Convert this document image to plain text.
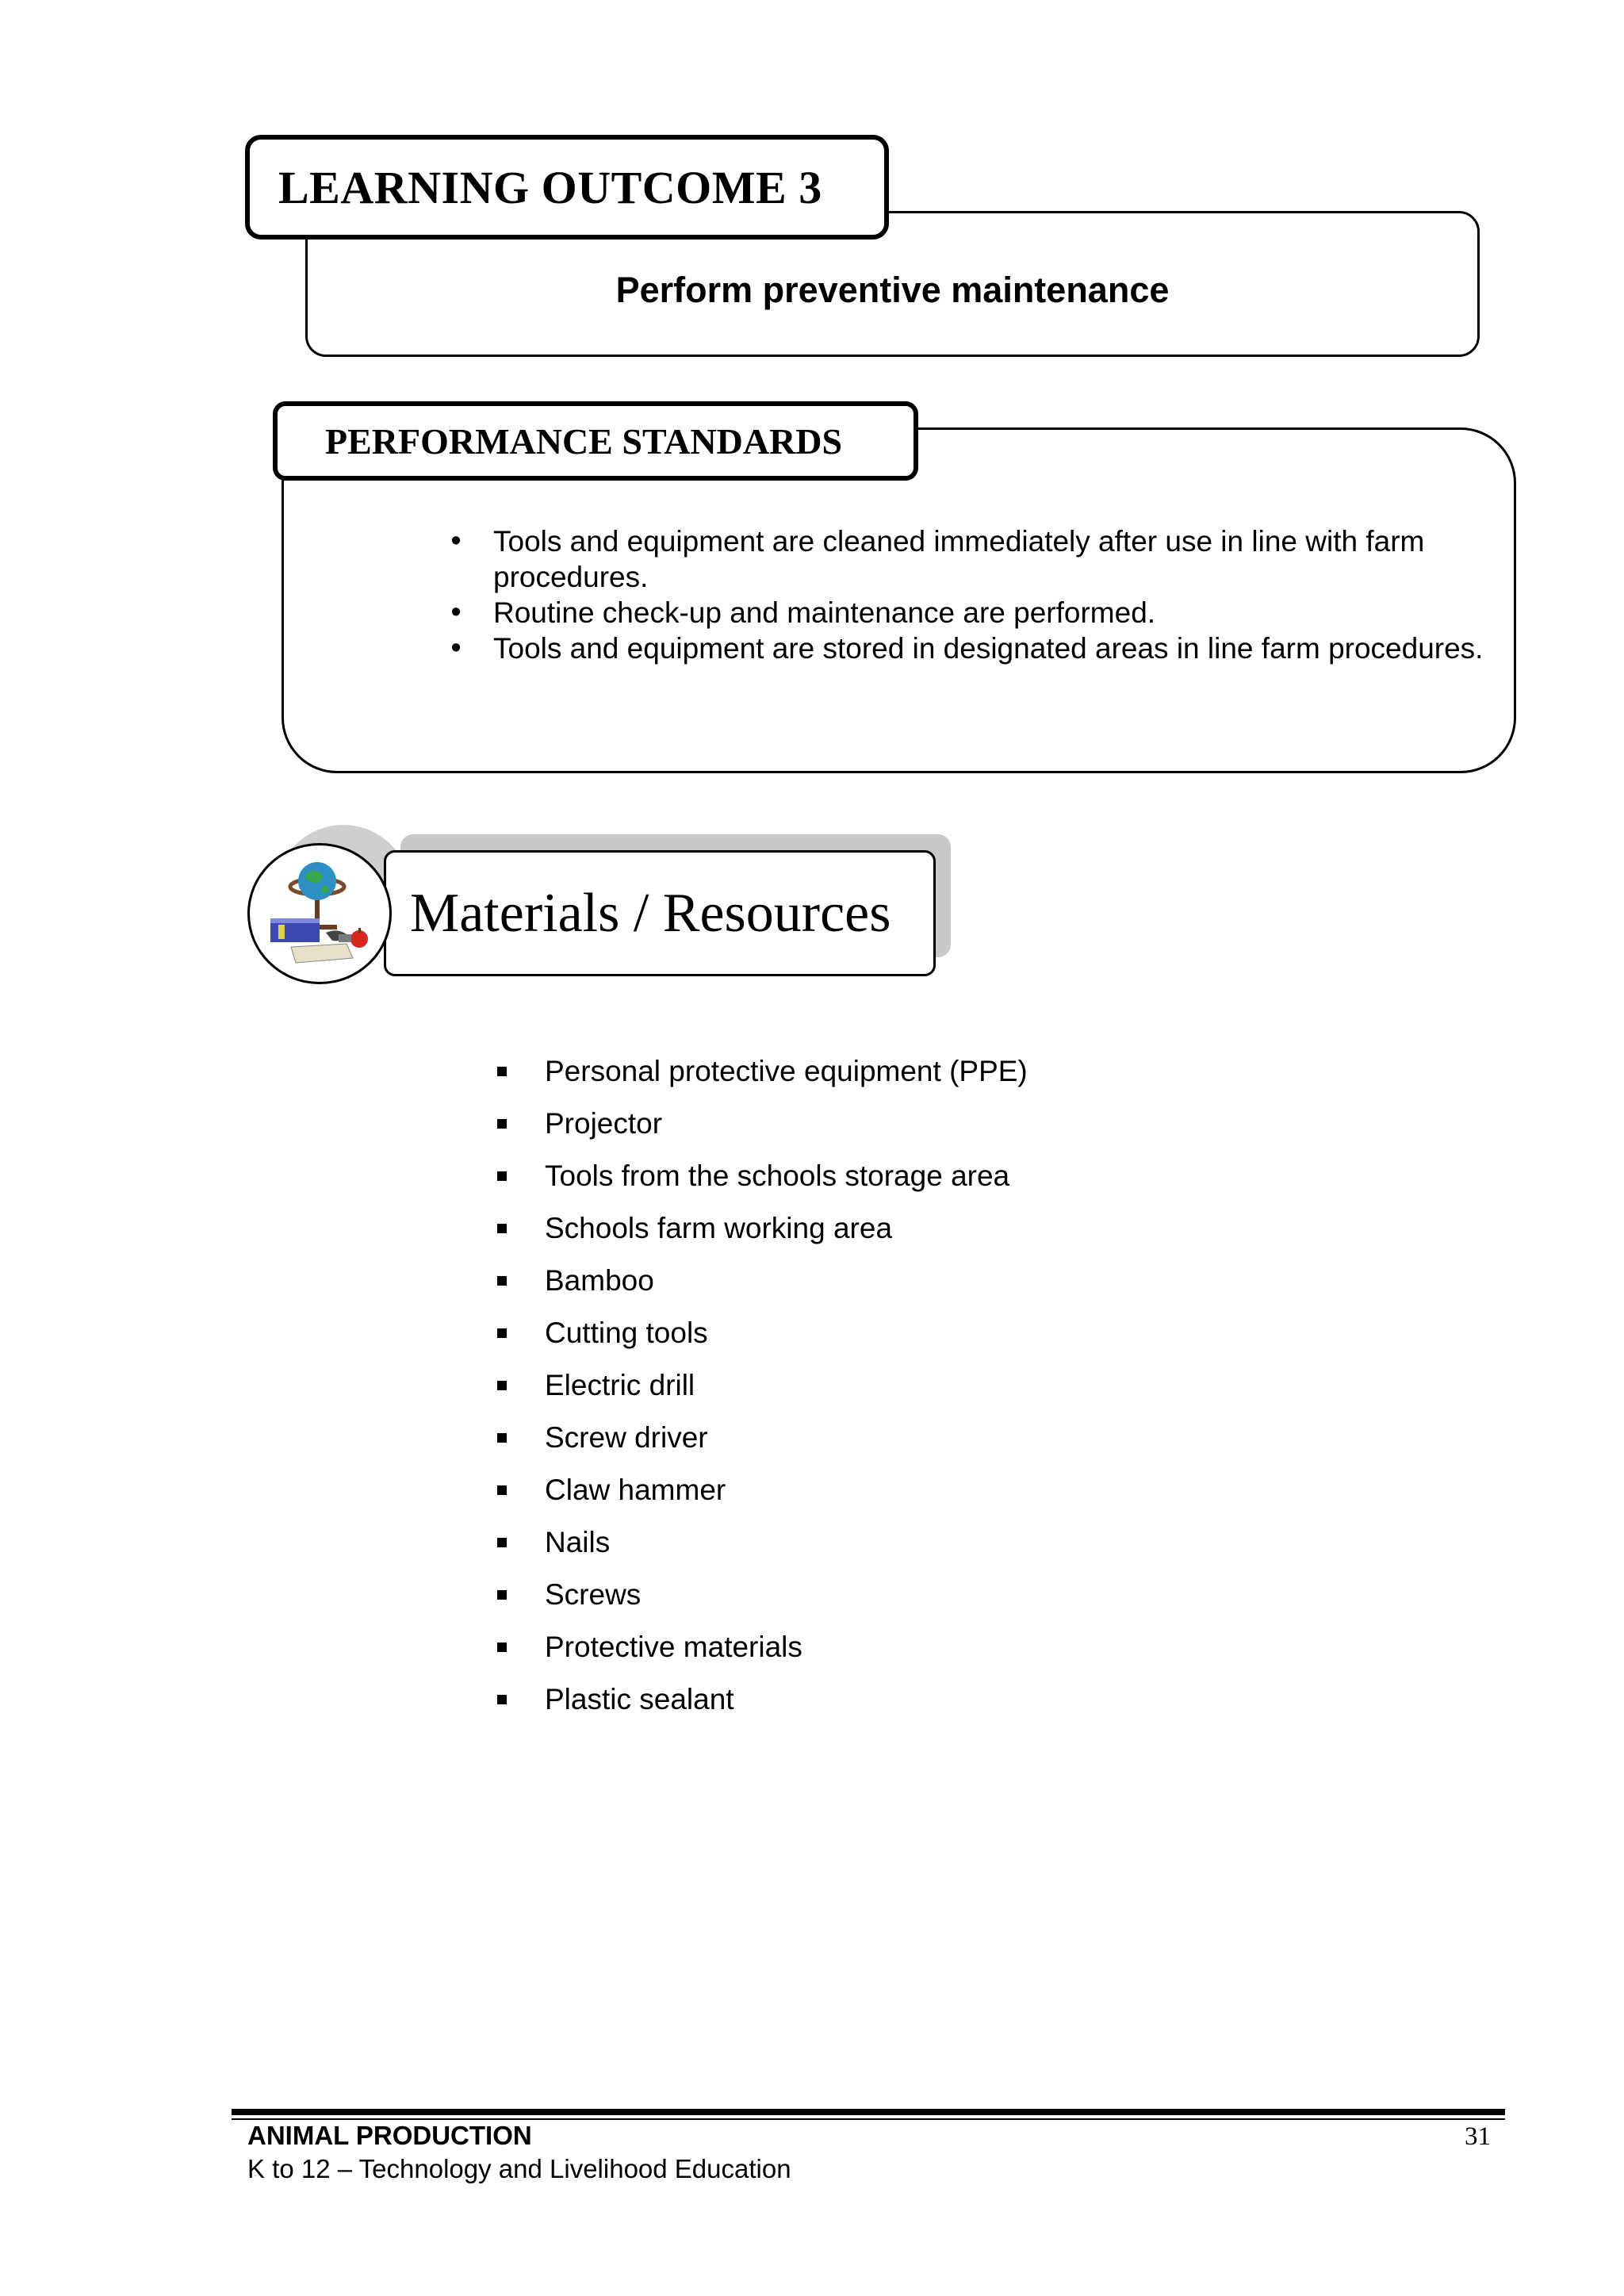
LEARNING OUTCOME 3
Perform preventive maintenance
PERFORMANCE STANDARDS
• Tools and equipment are cleaned immediately after use in line with farm procedures.
• Routine check-up and maintenance are performed.
• Tools and equipment are stored in designated areas in line farm procedures.
Materials / Resources
Personal protective equipment (PPE)
Projector
Tools from the schools storage area
Schools farm working area
Bamboo
Cutting tools
Electric drill
Screw driver
Claw hammer
Nails
Screws
Protective materials
Plastic sealant
ANIMAL PRODUCTION
K to 12 – Technology and Livelihood Education
31
